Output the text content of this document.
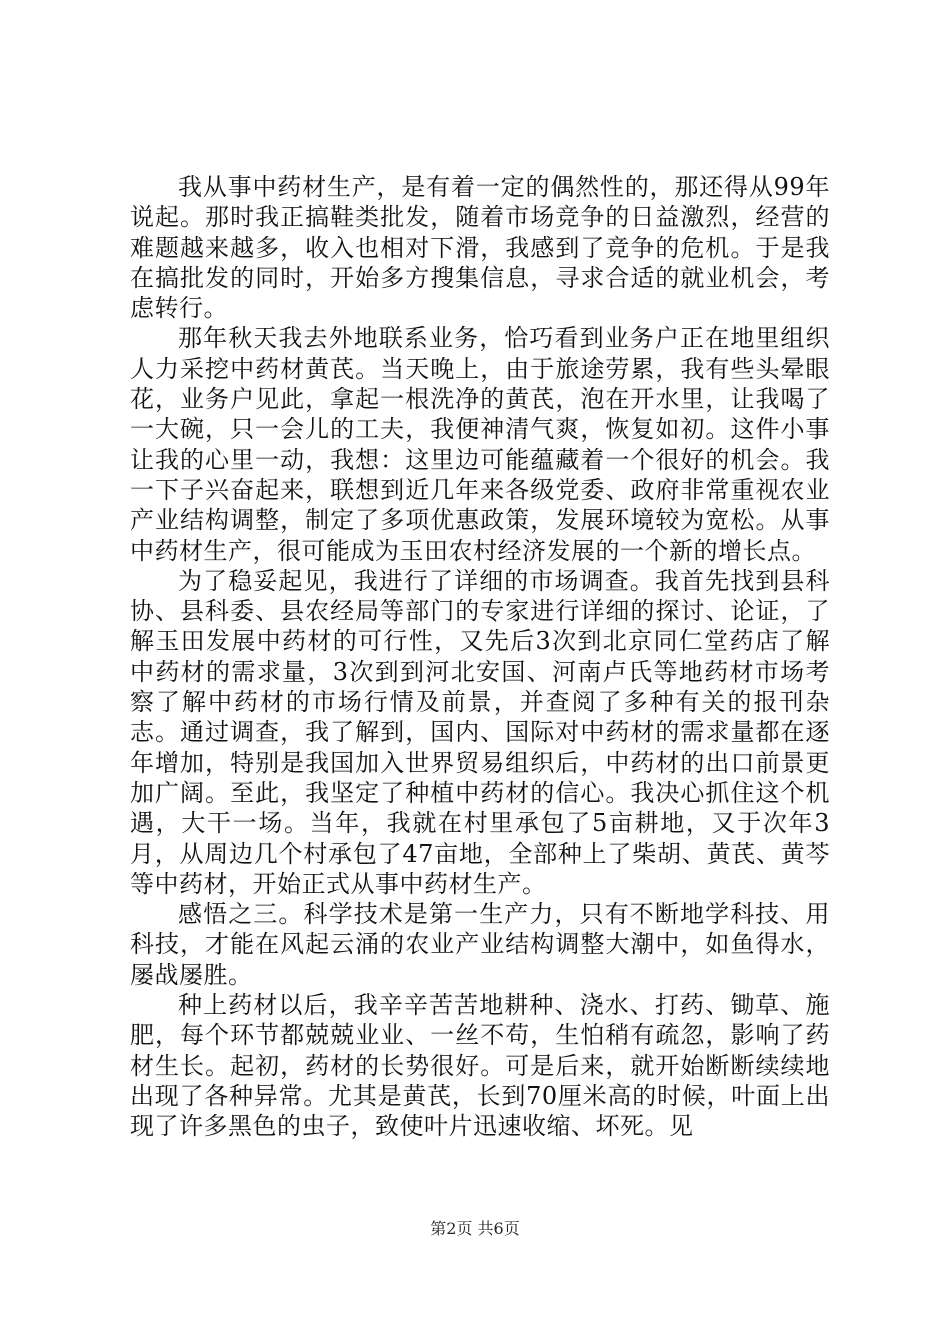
我从事中药材生产，是有着一定的偶然性的，那还得从99年说起。那时我正搞鞋类批发，随着市场竞争的日益激烈，经营的难题越来越多，收入也相对下滑，我感到了竞争的危机。于是我在搞批发的同时，开始多方搜集信息，寻求合适的就业机会，考虑转行。

那年秋天我去外地联系业务，恰巧看到业务户正在地里组织人力采挖中药材黄芪。当天晚上，由于旅途劳累，我有些头晕眼花，业务户见此，拿起一根洗净的黄芪，泡在开水里，让我喝了一大碗，只一会儿的工夫，我便神清气爽，恢复如初。这件小事让我的心里一动，我想：这里边可能蕴藏着一个很好的机会。我一下子兴奋起来，联想到近几年来各级党委、政府非常重视农业产业结构调整，制定了多项优惠政策，发展环境较为宽松。从事中药材生产，很可能成为玉田农村经济发展的一个新的增长点。

为了稳妥起见，我进行了详细的市场调查。我首先找到县科协、县科委、县农经局等部门的专家进行详细的探讨、论证，了解玉田发展中药材的可行性，又先后3次到北京同仁堂药店了解中药材的需求量，3次到到河北安国、河南卢氏等地药材市场考察了解中药材的市场行情及前景，并查阅了多种有关的报刊杂志。通过调查，我了解到，国内、国际对中药材的需求量都在逐年增加，特别是我国加入世界贸易组织后，中药材的出口前景更加广阔。至此，我坚定了种植中药材的信心。我决心抓住这个机遇，大干一场。当年，我就在村里承包了5亩耕地，又于次年3月，从周边几个村承包了47亩地，全部种上了柴胡、黄芪、黄芩等中药材，开始正式从事中药材生产。

感悟之三。科学技术是第一生产力，只有不断地学科技、用科技，才能在风起云涌的农业产业结构调整大潮中，如鱼得水，屡战屡胜。

种上药材以后，我辛辛苦苦地耕种、浇水、打药、锄草、施肥，每个环节都兢兢业业、一丝不苟，生怕稍有疏忽，影响了药材生长。起初，药材的长势很好。可是后来，就开始断断续续地出现了各种异常。尤其是黄芪，长到70厘米高的时候，叶面上出现了许多黑色的虫子，致使叶片迅速收缩、坏死。见

第2页 共6页
